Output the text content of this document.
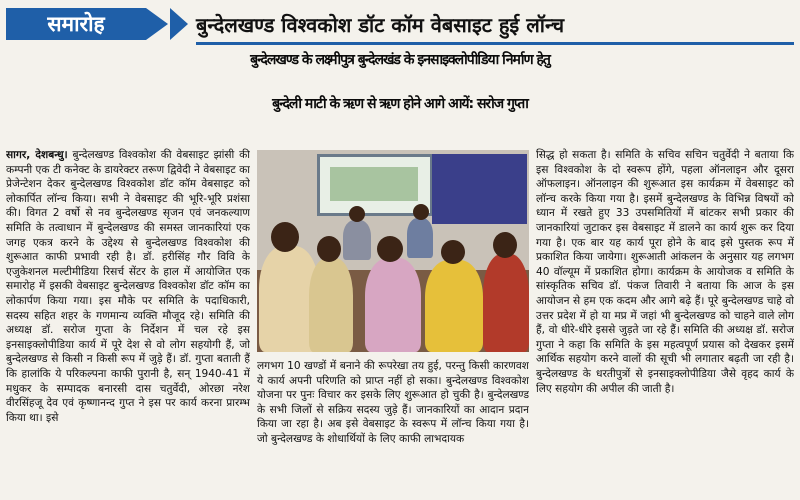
समारोह	बुन्देलखण्ड विश्वकोश डॉट कॉम वेबसाइट हुई लॉन्च
बुन्देलखण्ड के लक्ष्मीपुत्र बुन्देलखंड के इनसाइक्लोपीडिया निर्माण हेतु
बुन्देली माटी के ऋण से ऋण होने आगे आयें: सरोज गुप्ता
सागर, देशबन्धु। बुन्देलखण्ड विश्वकोश की वेबसाइट झांसी की कम्पनी एक टी कनेक्ट के डायरेक्टर तरूण द्विवेदी ने वेबसाइट का प्रेजेन्टेशन देकर बुन्देलखण्ड विश्वकोश डॉट कॉम वेबसाइट को लोकार्पित लॉन्च किया। सभी ने वेबसाइट की भूरि-भूरि प्रशंसा की। विगत 2 वर्षो से नव बुन्देलखण्ड सृजन एवं जनकल्याण समिति के तत्वाधान में बुन्देलखण्ड की समस्त जानकारियां एक जगह एकत्र करने के उद्देश्य से बुन्देलखण्ड विश्वकोश की शुरूआत काफी प्रभावी रही है। डॉ. हरीसिंह गौर विवि के एजुकेशनल मल्टीमीडिया रिसर्च सेंटर के हाल में आयोजित एक समारोह में इसकी वेबसाइट बुन्देलखण्ड विश्वकोश डॉट कॉम का लोकार्पण किया गया। इस मौके पर समिति के पदाधिकारी, सदस्य सहित शहर के गणमान्य व्यक्ति मौजूद रहे। समिति की अध्यक्ष डॉ. सरोज गुप्ता के निर्देशन में चल रहे इस इनसाइक्लोपीडिया कार्य में पूरे देश से वो लोग सहयोगी हैं, जो बुन्देलखण्ड से किसी न किसी रूप में जुड़े हैं। डॉ. गुप्ता बताती हैं कि हालांकि ये परिकल्पना काफी पुरानी है, सन् 1940-41 में मधुकर के सम्पादक बनारसी दास चतुर्वेदी, ओरछा नरेश वीरसिंहजू देव एवं कृष्णानन्द गुप्त ने इस पर कार्य करना प्रारम्भ किया था। इसे
लगभग 10 खण्डों में बनाने की रूपरेखा तय हुई, परन्तु किसी कारणवश ये कार्य अपनी परिणति को प्राप्त नहीं हो सका। बुन्देलखण्ड विश्वकोश योजना पर पुनः विचार कर इसके लिए शुरूआत हो चुकी है। बुन्देलखण्ड के सभी जिलों से सक्रिय सदस्य जुड़े हैं। जानकारियों का आदान प्रदान किया जा रहा है। अब इसे वेबसाइट के स्वरूप में लॉन्च किया गया है। जो बुन्देलखण्ड के शोधार्थियों के लिए काफी लाभदायक
सिद्ध हो सकता है। समिति के सचिव सचिन चतुर्वेदी ने बताया कि इस विश्वकोश के दो स्वरूप होंगे, पहला ऑनलाइन और दूसरा ऑफलाइन। ऑनलाइन की शुरूआत इस कार्यक्रम में वेबसाइट को लॉन्च करके किया गया है। इसमें बुन्देलखण्ड के विभिन्न विषयों को ध्यान में रखते हुए 33 उपसमितियों में बांटकर सभी प्रकार की जानकारियां जुटाकर इस वेबसाइट में डालने का कार्य शुरू कर दिया गया है। एक बार यह कार्य पूरा होने के बाद इसे पुस्तक रूप में प्रकाशित किया जायेगा। शुरूआती आंकलन के अनुसार यह लगभग 40 वॉल्यूम में प्रकाशित होगा। कार्यक्रम के आयोजक व समिति के सांस्कृतिक सचिव डॉ. पंकज तिवारी ने बताया कि आज के इस आयोजन से हम एक कदम और आगे बढ़े हैं। पूरे बुन्देलखण्ड चाहे वो उत्तर प्रदेश में हो या मप्र में जहां भी बुन्देलखण्ड को चाहने वाले लोग हैं, वो धीरे-धीरे इससे जुड़ते जा रहे हैं। समिति की अध्यक्ष डॉ. सरोज गुप्ता ने कहा कि समिति के इस महत्वपूर्ण प्रयास को देखकर इसमें आर्थिक सहयोग करने वालों की सूची भी लगातार बढ़ती जा रही है। बुन्देलखण्ड के धरतीपुत्रों से इनसाइक्लोपीडिया जैसे वृहद कार्य के लिए सहयोग की अपील की जाती है।
